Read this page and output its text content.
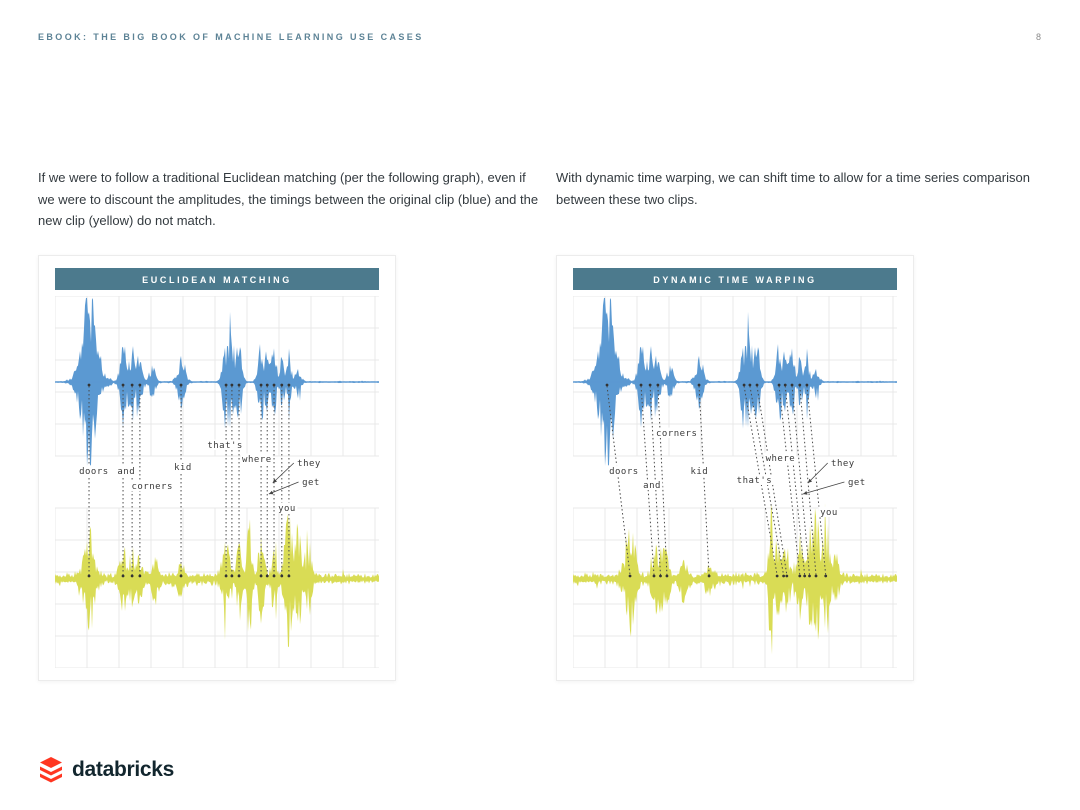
EBOOK: THE BIG BOOK OF MACHINE LEARNING USE CASES	8

If we were to follow a traditional Euclidean matching (per the following graph), even if we were to discount the amplitudes, the timings between the original clip (blue) and the new clip (yellow) do not match.

With dynamic time warping, we can shift time to allow for a time series comparison between these two clips.

EUCLIDEAN MATCHING
that's
where	they
doors and	kid
corners	get
you
DYNAMIC TIME WARPING
corners
where	they
doors	kid
and	that's	get
you
databricks
